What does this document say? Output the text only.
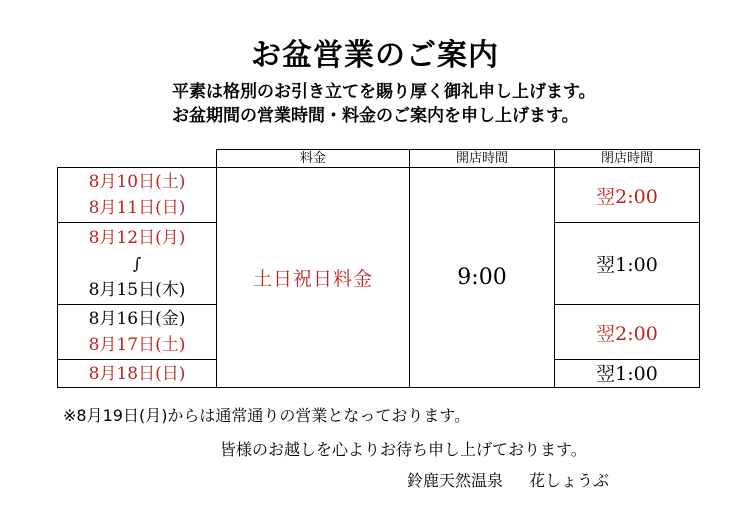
お盆営業のご案内
平素は格別のお引き立てを賜り厚く御礼申し上げます。
お盆期間の営業時間・料金のご案内を申し上げます。
	料金	開店時間	閉店時間

8月10日(土)
8月11日(日)	土日祝日料金	9:00	翌2:00

8月12日(月)
∫
8月15日(木)			翌1:00

8月16日(金)
8月17日(土)			翌2:00
8月18日(日)			翌1:00
※8月19日(月)からは通常通りの営業となっております。
皆様のお越しを心よりお待ち申し上げております。
鈴鹿天然温泉 花しょうぶ
